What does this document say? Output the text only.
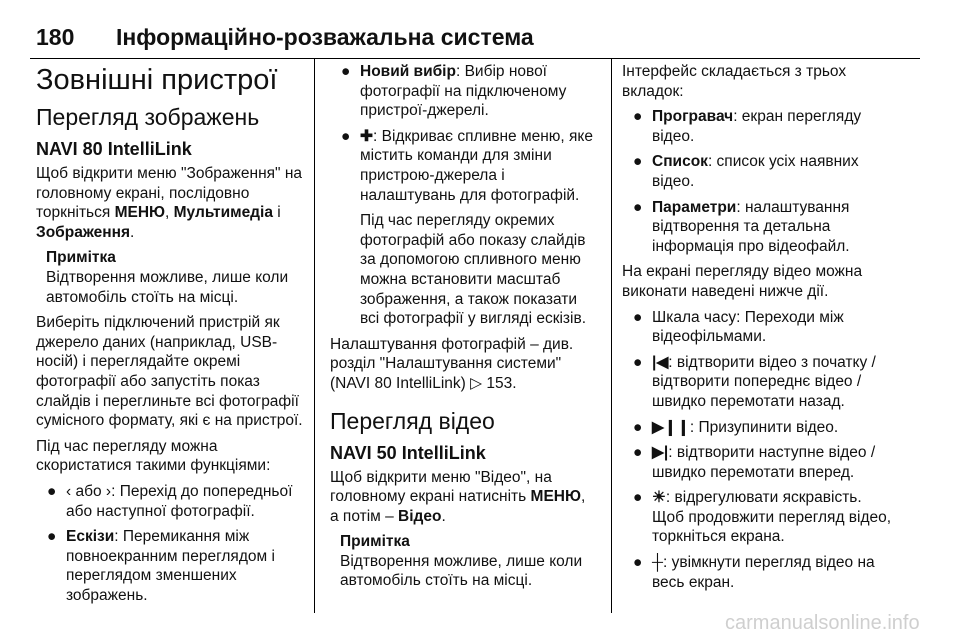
180 Інформаційно-розважальна система
Зовнішні пристрої
Перегляд зображень
NAVI 80 IntelliLink

Щоб відкрити меню "Зображення" на головному екрані, послідовно торкніться МЕНЮ, Мультимедіа і Зображення.

Примітка
Відтворення можливе, лише коли автомобіль стоїть на місці.

Виберіть підключений пристрій як джерело даних (наприклад, USB-носій) і переглядайте окремі фотографії або запустіть показ слайдів і переглиньте всі фотографії сумісного формату, які є на пристрої.

Під час перегляду можна скористатися такими функціями:

● ‹ або ›: Перехід до попередньої або наступної фотографії.
● Ескізи: Перемикання між повноекранним переглядом і переглядом зменшених зображень.
● Новий вибір: Вибір нової фотографії на підключеному пристрої-джерелі.
● ✚: Відкриває спливне меню, яке містить команди для зміни пристрою-джерела і налаштувань для фотографій.

Під час перегляду окремих фотографій або показу слайдів за допомогою спливного меню можна встановити масштаб зображення, а також показати всі фотографії у вигляді ескізів.

Налаштування фотографій – див. розділ "Налаштування системи" (NAVI 80 IntelliLink) ▷ 153.

Перегляд відео
NAVI 50 IntelliLink

Щоб відкрити меню "Відео", на головному екрані натисніть МЕНЮ, а потім – Відео.

Примітка
Відтворення можливе, лише коли автомобіль стоїть на місці.

Інтерфейс складається з трьох вкладок:

● Програвач: екран перегляду відео.
● Список: список усіх наявних відео.
● Параметри: налаштування відтворення та детальна інформація про відеофайл.

На екрані перегляду відео можна виконати наведені нижче дії.

● Шкала часу: Переходи між відеофільмами.
● |◀: відтворити відео з початку / відтворити попереднє відео / швидко перемотати назад.
● ▶❙❙: Призупинити відео.
● ▶|: відтворити наступне відео / швидко перемотати вперед.
● ☀: відрегулювати яскравість. Щоб продовжити перегляд відео, торкніться екрана.
● ┼: увімкнути перегляд відео на весь екран.
carmanualsonline.info
